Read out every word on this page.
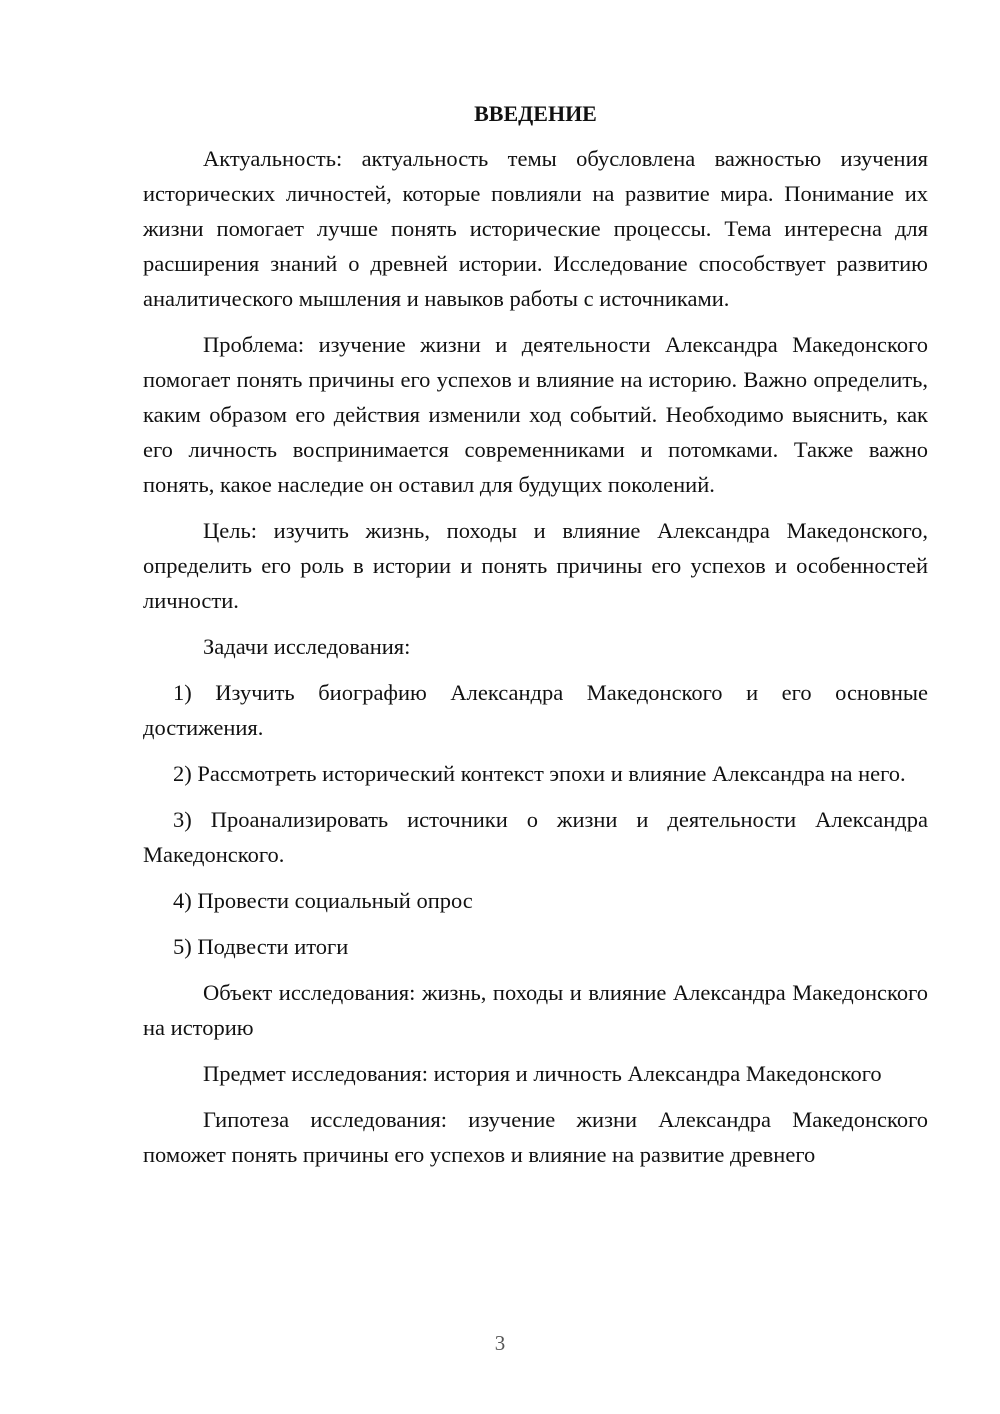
ВВЕДЕНИЕ

Актуальность: актуальность темы обусловлена важностью изучения исторических личностей, которые повлияли на развитие мира. Понимание их жизни помогает лучше понять исторические процессы. Тема интересна для расширения знаний о древней истории. Исследование способствует развитию аналитического мышления и навыков работы с источниками.

Проблема: изучение жизни и деятельности Александра Македонского помогает понять причины его успехов и влияние на историю. Важно определить, каким образом его действия изменили ход событий. Необходимо выяснить, как его личность воспринимается современниками и потомками. Также важно понять, какое наследие он оставил для будущих поколений.

Цель: изучить жизнь, походы и влияние Александра Македонского, определить его роль в истории и понять причины его успехов и особенностей личности.

Задачи исследования:

1) Изучить биографию Александра Македонского и его основные достижения.

2) Рассмотреть исторический контекст эпохи и влияние Александра на него.

3) Проанализировать источники о жизни и деятельности Александра Македонского.

4) Провести социальный опрос

5) Подвести итоги

Объект исследования: жизнь, походы и влияние Александра Македонского на историю

Предмет исследования: история и личность Александра Македонского

Гипотеза исследования: изучение жизни Александра Македонского поможет понять причины его успехов и влияние на развитие древнего

3
